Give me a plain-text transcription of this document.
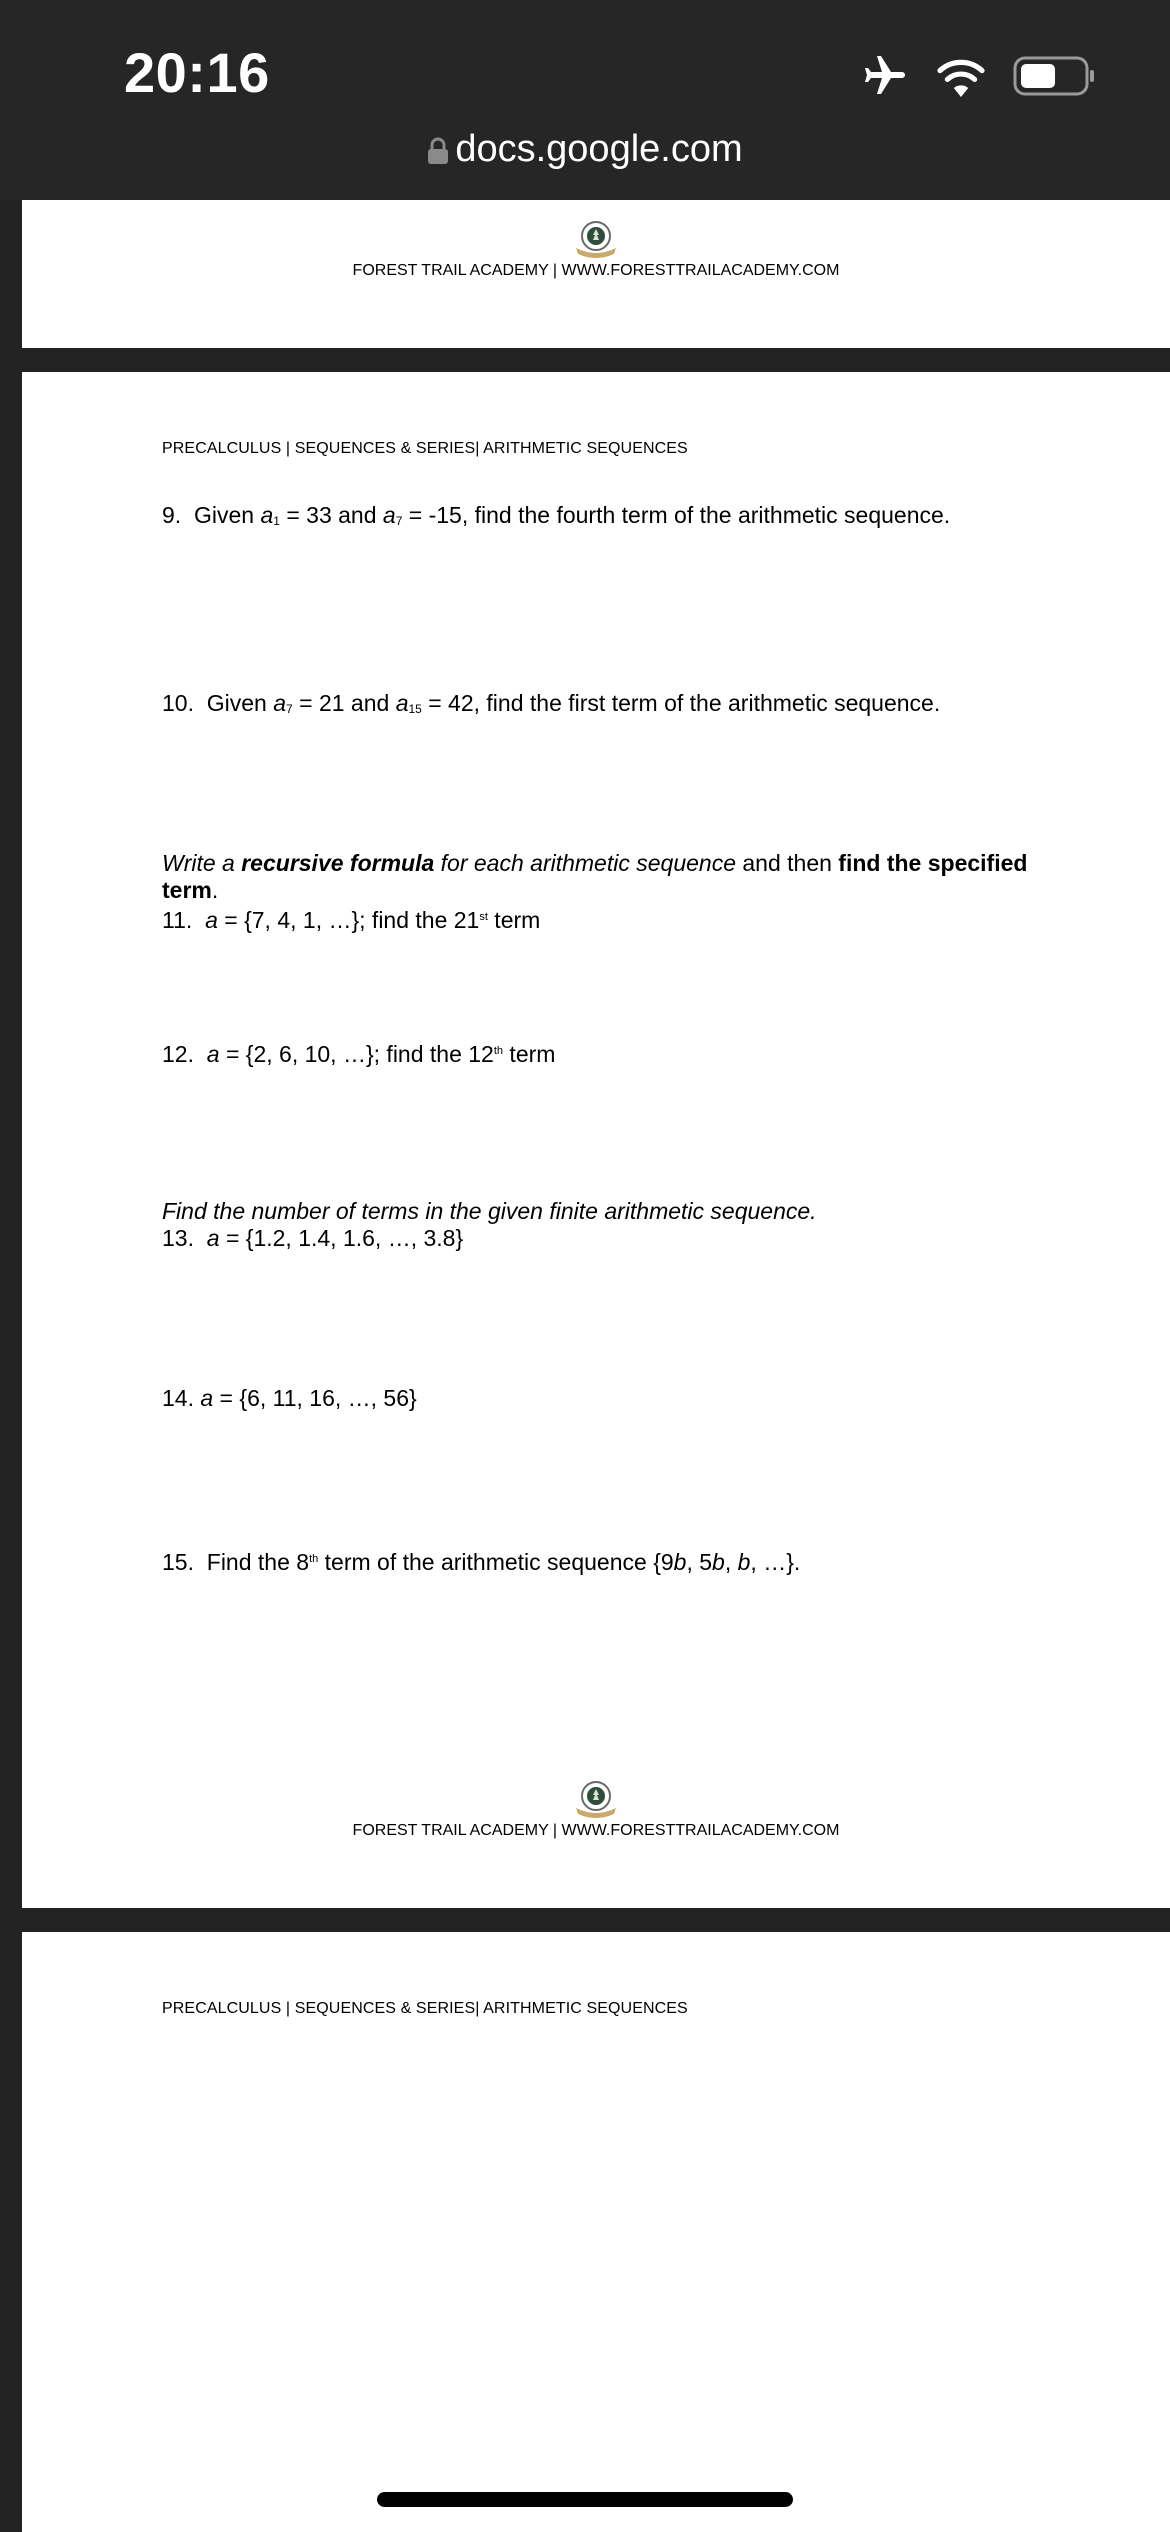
20:16
docs.google.com
FOREST TRAIL ACADEMY | WWW.FORESTTRAILACADEMY.COM
PRECALCULUS | SEQUENCES & SERIES| ARITHMETIC SEQUENCES
9. Given $a_1 = 33$ and $a_7 = -15$, find the fourth term of the arithmetic sequence.
10. Given $a_7 = 21$ and $a_{15} = 42$, find the first term of the arithmetic sequence.
Write a recursive formula for each arithmetic sequence and then find the specified term.
11. a = {7, 4, 1, …}; find the 21st term
12. a = {2, 6, 10, …}; find the 12th term
Find the number of terms in the given finite arithmetic sequence.
13. a = {1.2, 1.4, 1.6, …, 3.8}
14. a = {6, 11, 16, …, 56}
15. Find the 8th term of the arithmetic sequence {9b, 5b, b, …}.
FOREST TRAIL ACADEMY | WWW.FORESTTRAILACADEMY.COM
PRECALCULUS | SEQUENCES & SERIES| ARITHMETIC SEQUENCES
